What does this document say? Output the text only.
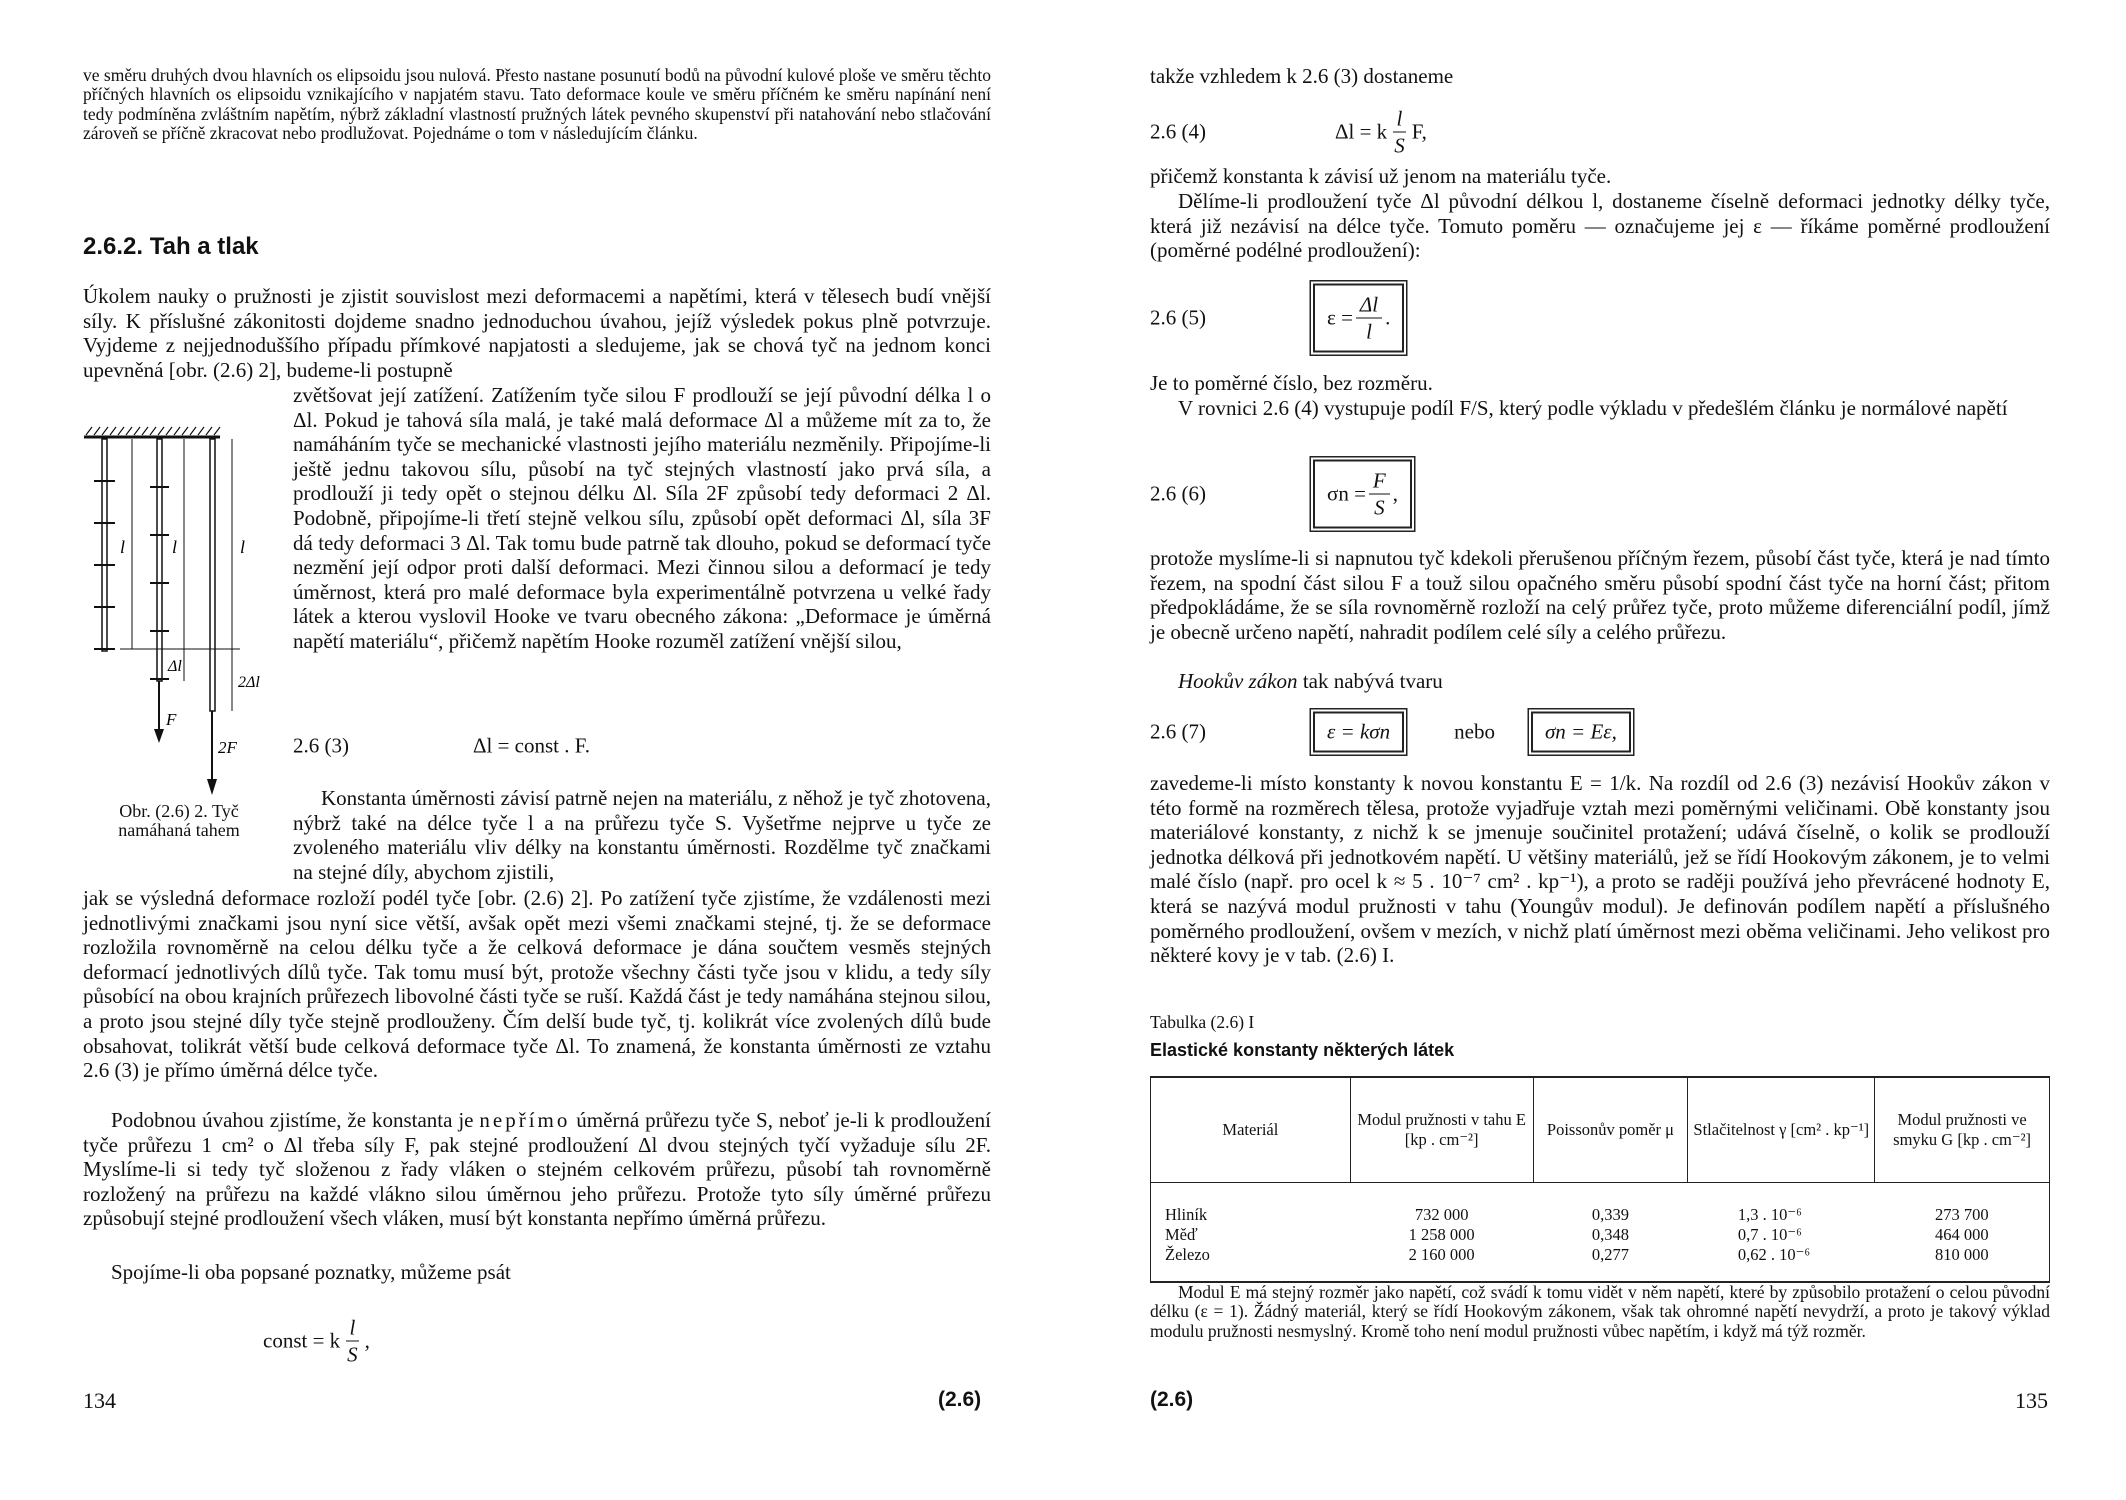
ve směru druhých dvou hlavních os elipsoidu jsou nulová. Přesto nastane posunutí bodů na původní kulové ploše ve směru těchto příčných hlavních os elipsoidu vznikajícího v napjatém stavu. Tato deformace koule ve směru příčném ke směru napínání není tedy podmíněna zvláštním napětím, nýbrž základní vlastností pružných látek pevného skupenství při natahování nebo stlačování zároveň se příčně zkracovat nebo prodlužovat. Pojednáme o tom v následujícím článku.

2.6.2. Tah a tlak

Úkolem nauky o pružnosti je zjistit souvislost mezi deformacemi a napětími, která v tělesech budí vnější síly. K příslušné zákonitosti dojdeme snadno jednoduchou úvahou, jejíž výsledek pokus plně potvrzuje. Vyjdeme z nejjednoduššího případu přímkové napjatosti a sledujeme, jak se chová tyč na jednom konci upevněná [obr. (2.6) 2], budeme-li postupně

l	l	l
Δl
2Δl
F
2F
Obr. (2.6) 2. Tyč namáhaná tahem

zvětšovat její zatížení. Zatížením tyče silou F prodlouží se její původní délka l o Δl. Pokud je tahová síla malá, je také malá deformace Δl a můžeme mít za to, že namáháním tyče se mechanické vlastnosti jejího materiálu nezměnily. Připojíme-li ještě jednu takovou sílu, působí na tyč stejných vlastností jako prvá síla, a prodlouží ji tedy opět o stejnou délku Δl. Síla 2F způsobí tedy deformaci 2 Δl. Podobně, připojíme-li třetí stejně velkou sílu, způsobí opět deformaci Δl, síla 3F dá tedy deformaci 3 Δl. Tak tomu bude patrně tak dlouho, pokud se deformací tyče nezmění její odpor proti další deformaci. Mezi činnou silou a deformací je tedy úměrnost, která pro malé deformace byla experimentálně potvrzena u velké řady látek a kterou vyslovil Hooke ve tvaru obecného zákona: „Deformace je úměrná napětí materiálu“, přičemž napětím Hooke rozuměl zatížení vnější silou,

2.6 (3)	Δl = const . F.

Konstanta úměrnosti závisí patrně nejen na materiálu, z něhož je tyč zhotovena, nýbrž také na délce tyče l a na průřezu tyče S. Vyšetřme nejprve u tyče ze zvoleného materiálu vliv délky na konstantu úměrnosti. Rozdělme tyč značkami na stejné díly, abychom zjistili,

jak se výsledná deformace rozloží podél tyče [obr. (2.6) 2]. Po zatížení tyče zjistíme, že vzdálenosti mezi jednotlivými značkami jsou nyní sice větší, avšak opět mezi všemi značkami stejné, tj. že se deformace rozložila rovnoměrně na celou délku tyče a že celková deformace je dána součtem vesměs stejných deformací jednotlivých dílů tyče. Tak tomu musí být, protože všechny části tyče jsou v klidu, a tedy síly působící na obou krajních průřezech libovolné části tyče se ruší. Každá část je tedy namáhána stejnou silou, a proto jsou stejné díly tyče stejně prodlouženy. Čím delší bude tyč, tj. kolikrát více zvolených dílů bude obsahovat, tolikrát větší bude celková deformace tyče Δl. To znamená, že konstanta úměrnosti ze vztahu 2.6 (3) je přímo úměrná délce tyče.

Podobnou úvahou zjistíme, že konstanta je nepřímo úměrná průřezu tyče S, neboť je-li k prodloužení tyče průřezu 1 cm² o Δl třeba síly F, pak stejné prodloužení Δl dvou stejných tyčí vyžaduje sílu 2F. Myslíme-li si tedy tyč složenou z řady vláken o stejném celkovém průřezu, působí tah rovnoměrně rozložený na průřezu na každé vlákno silou úměrnou jeho průřezu. Protože tyto síly úměrné průřezu způsobují stejné prodloužení všech vláken, musí být konstanta nepřímo úměrná průřezu.

Spojíme-li oba popsané poznatky, můžeme psát

const = k $\frac{l}{S}$ ,
134	(2.6)

takže vzhledem k 2.6 (3) dostaneme

2.6 (4)	Δl = k $\frac{l}{S} F$,

přičemž konstanta k závisí už jenom na materiálu tyče.

Dělíme-li prodloužení tyče Δl původní délkou l, dostaneme číselně deformaci jednotky délky tyče, která již nezávisí na délce tyče. Tomuto poměru — označujeme jej ε — říkáme poměrné prodloužení (poměrné podélné prodloužení):

2.6 (5)	$\varepsilon = \frac{\Delta l}{l}$ .

Je to poměrné číslo, bez rozměru.

V rovnici 2.6 (4) vystupuje podíl F/S, který podle výkladu v předešlém článku je normálové napětí

2.6 (6)	$\sigma n = \frac{F}{S}$ ,

protože myslíme-li si napnutou tyč kdekoli přerušenou příčným řezem, působí část tyče, která je nad tímto řezem, na spodní část silou F a touž silou opačného směru působí spodní část tyče na horní část; přitom předpokládáme, že se síla rovnoměrně rozloží na celý průřez tyče, proto můžeme diferenciální podíl, jímž je obecně určeno napětí, nahradit podílem celé síly a celého průřezu.

Hookův zákon tak nabývá tvaru

2.6 (7)	ε = kσn	nebo	σn = Eε,

zavedeme-li místo konstanty k novou konstantu E = 1/k. Na rozdíl od 2.6 (3) nezávisí Hookův zákon v této formě na rozměrech tělesa, protože vyjadřuje vztah mezi poměrnými veličinami. Obě konstanty jsou materiálové konstanty, z nichž k se jmenuje součinitel protažení; udává číselně, o kolik se prodlouží jednotka délková při jednotkovém napětí. U většiny materiálů, jež se řídí Hookovým zákonem, je to velmi malé číslo (např. pro ocel k ≈ 5 . 10⁻⁷ cm² . kp⁻¹), a proto se raději používá jeho převrácené hodnoty E, která se nazývá modul pružnosti v tahu (Youngův modul). Je definován podílem napětí a příslušného poměrného prodloužení, ovšem v mezích, v nichž platí úměrnost mezi oběma veličinami. Jeho velikost pro některé kovy je v tab. (2.6) I.

Tabulka (2.6) I
Elastické konstanty některých látek
Materiál	Modul pružnosti v tahu E [kp . cm⁻²]	Poissonův poměr μ	Stlačitelnost γ [cm² . kp⁻¹]	Modul pružnosti ve smyku G [kp . cm⁻²]
Hliník	732 000	0,339	1,3 . 10⁻⁶	273 700
Měď	1 258 000	0,348	0,7 . 10⁻⁶	464 000
Železo	2 160 000	0,277	0,62 . 10⁻⁶	810 000

Modul E má stejný rozměr jako napětí, což svádí k tomu vidět v něm napětí, které by způsobilo protažení o celou původní délku (ε = 1). Žádný materiál, který se řídí Hookovým zákonem, však tak ohromné napětí nevydrží, a proto je takový výklad modulu pružnosti nesmyslný. Kromě toho není modul pružnosti vůbec napětím, i když má týž rozměr.

(2.6)	135
